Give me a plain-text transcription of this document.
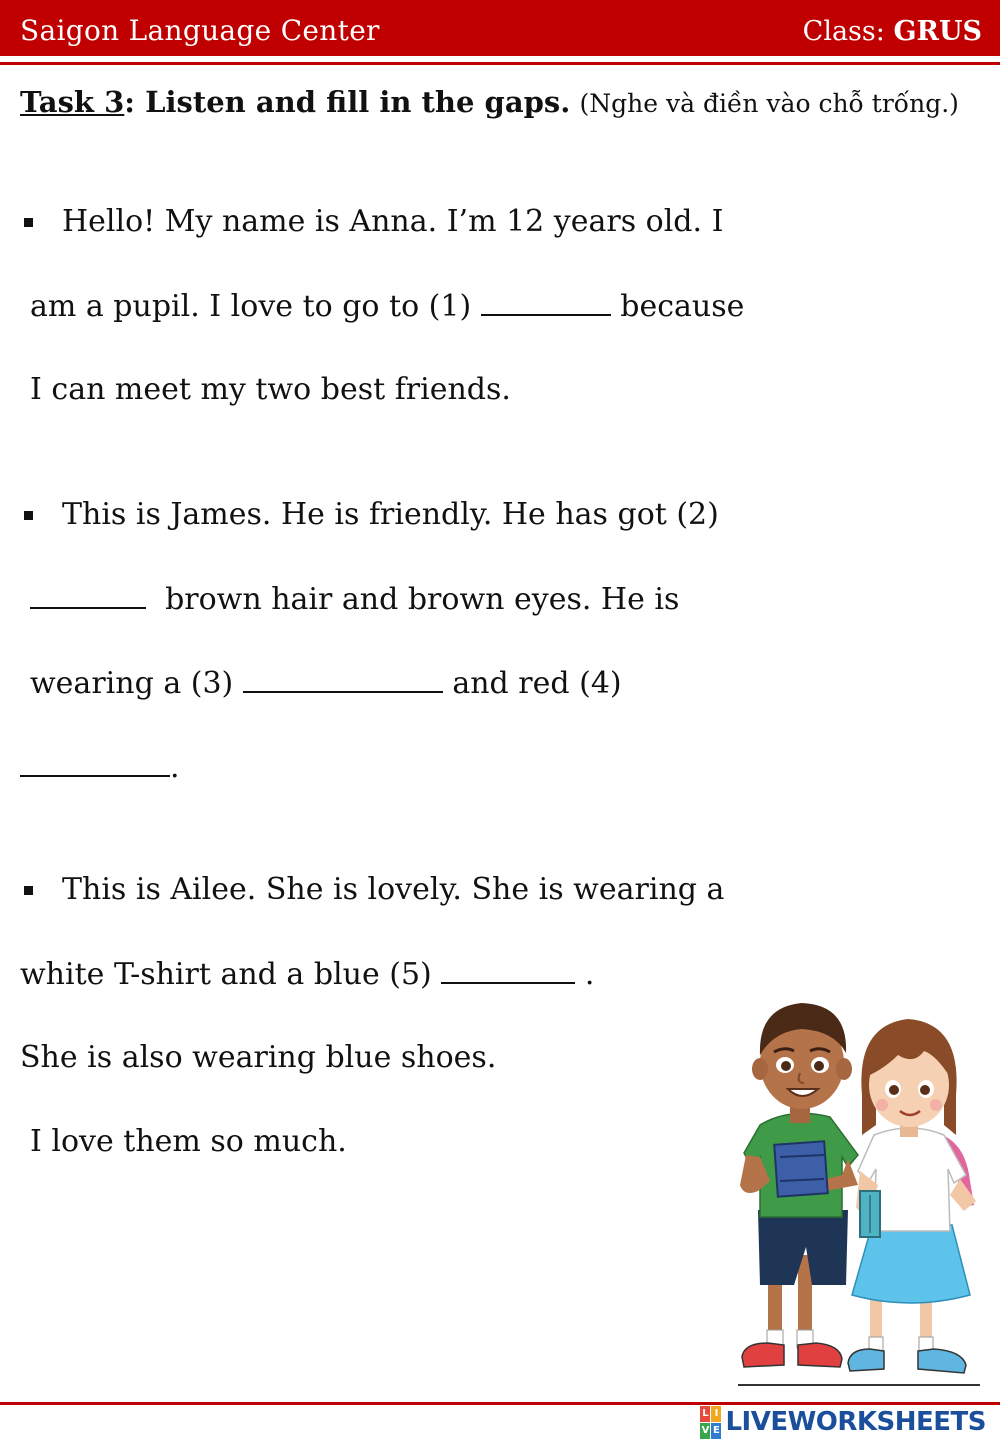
Saigon Language Center	Class: GRUS
Task 3: Listen and fill in the gaps. (Nghe và điền vào chỗ trống.)
Hello! My name is Anna. I’m 12 years old. I
am a pupil. I love to go to (1)	because
I can meet my two best friends.
This is James. He is friendly. He has got (2)
brown hair and brown eyes. He is
wearing a (3)	and red (4)
.
This is Ailee. She is lovely. She is wearing a
white T-shirt and a blue (5)	.
She is also wearing blue shoes.
I love them so much.
L I
V E LIVEWORKSHEETS
